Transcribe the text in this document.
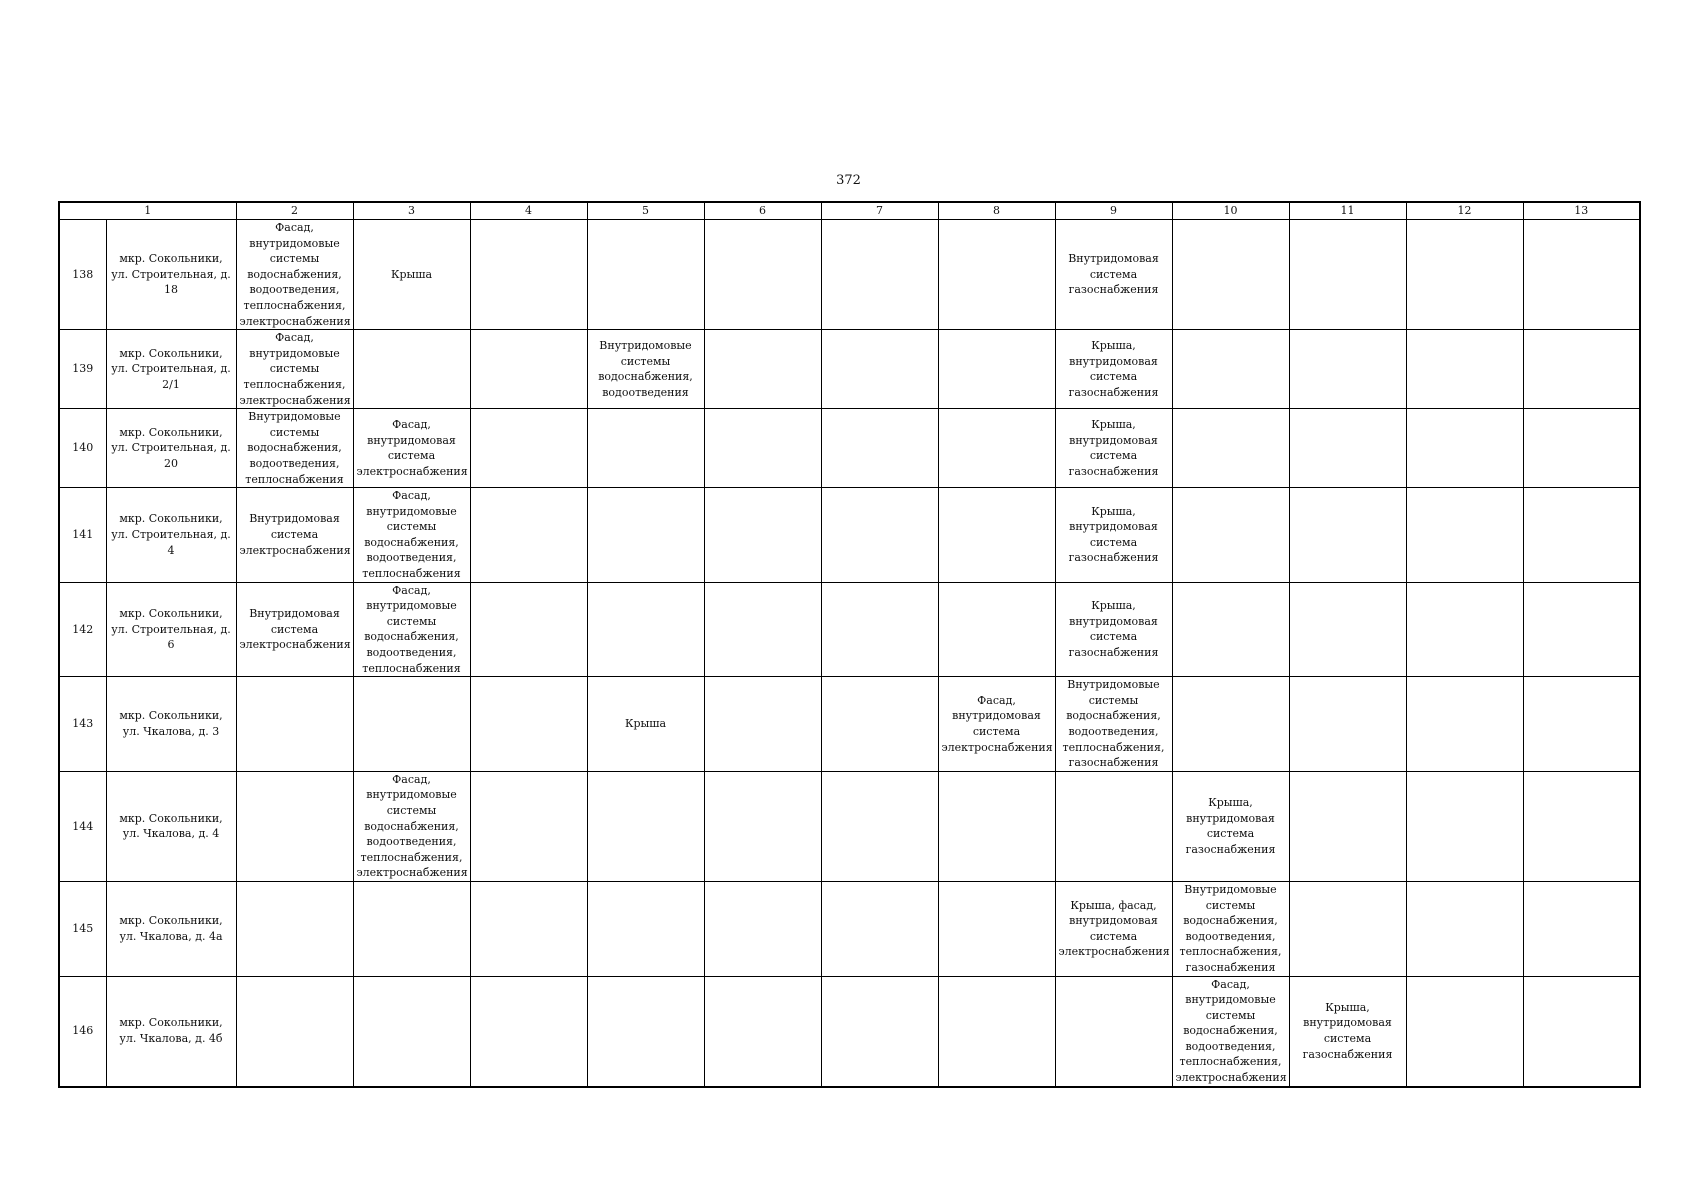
372
1		2	3	4	5	6	7	8	9	10	11	12	13
138	мкр. Сокольники, ул. Строительная, д. 18	Фасад, внутридомовые системы водоснабжения, водоотведения, теплоснабжения, электроснабжения	Крыша						Внутридомовая система газоснабжения				
139	мкр. Сокольники, ул. Строительная, д. 2/1	Фасад, внутридомовые системы теплоснабжения, электроснабжения			Внутридомовые системы водоснабжения, водоотведения				Крыша, внутридомовая система газоснабжения				
140	мкр. Сокольники, ул. Строительная, д. 20	Внутридомовые системы водоснабжения, водоотведения, теплоснабжения	Фасад, внутридомовая система электроснабжения						Крыша, внутридомовая система газоснабжения				
141	мкр. Сокольники, ул. Строительная, д. 4	Внутридомовая система электроснабжения	Фасад, внутридомовые системы водоснабжения, водоотведения, теплоснабжения						Крыша, внутридомовая система газоснабжения				
142	мкр. Сокольники, ул. Строительная, д. 6	Внутридомовая система электроснабжения	Фасад, внутридомовые системы водоснабжения, водоотведения, теплоснабжения						Крыша, внутридомовая система газоснабжения				
143	мкр. Сокольники, ул. Чкалова, д. 3				Крыша			Фасад, внутридомовая система электроснабжения	Внутридомовые системы водоснабжения, водоотведения, теплоснабжения, газоснабжения				
144	мкр. Сокольники, ул. Чкалова, д. 4		Фасад, внутридомовые системы водоснабжения, водоотведения, теплоснабжения, электроснабжения							Крыша, внутридомовая система газоснабжения			
145	мкр. Сокольники, ул. Чкалова, д. 4а								Крыша, фасад, внутридомовая система электроснабжения	Внутридомовые системы водоснабжения, водоотведения, теплоснабжения, газоснабжения			
146	мкр. Сокольники, ул. Чкалова, д. 4б									Фасад, внутридомовые системы водоснабжения, водоотведения, теплоснабжения, электроснабжения	Крыша, внутридомовая система газоснабжения		
